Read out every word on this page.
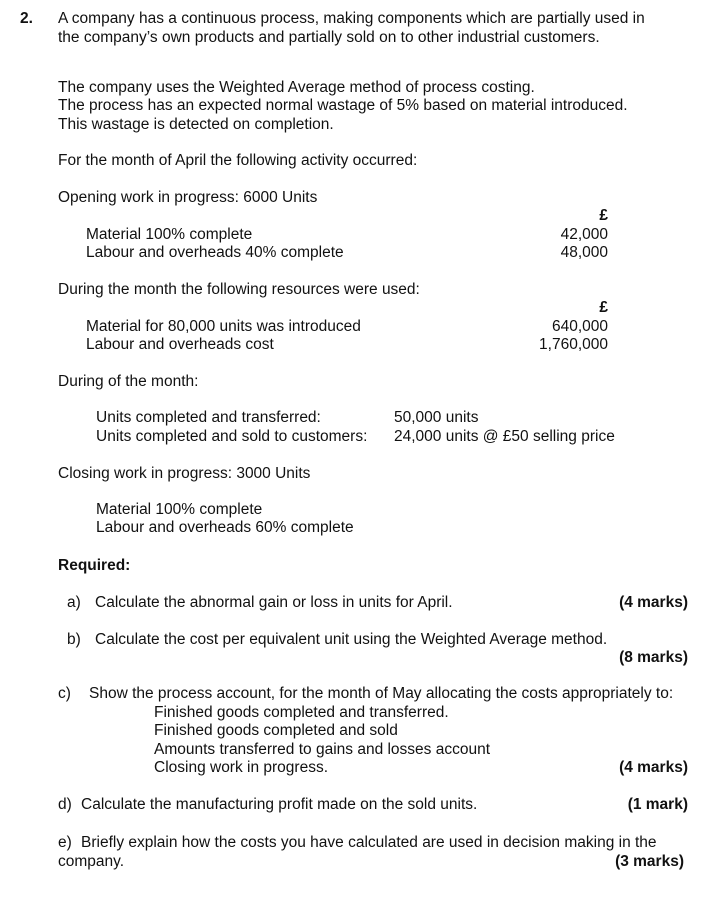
2. A company has a continuous process, making components which are partially used in
the company’s own products and partially sold on to other industrial customers.
The company uses the Weighted Average method of process costing.
The process has an expected normal wastage of 5% based on material introduced.
This wastage is detected on completion.
For the month of April the following activity occurred:
Opening work in progress: 6000 Units
£
Material 100% complete	42,000
Labour and overheads 40% complete	48,000
During the month the following resources were used:
£
Material for 80,000 units was introduced	640,000
Labour and overheads cost	1,760,000
During of the month:
Units completed and transferred:	50,000 units
Units completed and sold to customers: 24,000 units @ £50 selling price
Closing work in progress: 3000 Units
Material 100% complete
Labour and overheads 60% complete
Required:
a) Calculate the abnormal gain or loss in units for April.	(4 marks)
b) Calculate the cost per equivalent unit using the Weighted Average method.
(8 marks)
c) Show the process account, for the month of May allocating the costs appropriately to:
Finished goods completed and transferred.
Finished goods completed and sold
Amounts transferred to gains and losses account
Closing work in progress.	(4 marks)
d) Calculate the manufacturing profit made on the sold units.	(1 mark)
e) Briefly explain how the costs you have calculated are used in decision making in the
company.	(3 marks)
